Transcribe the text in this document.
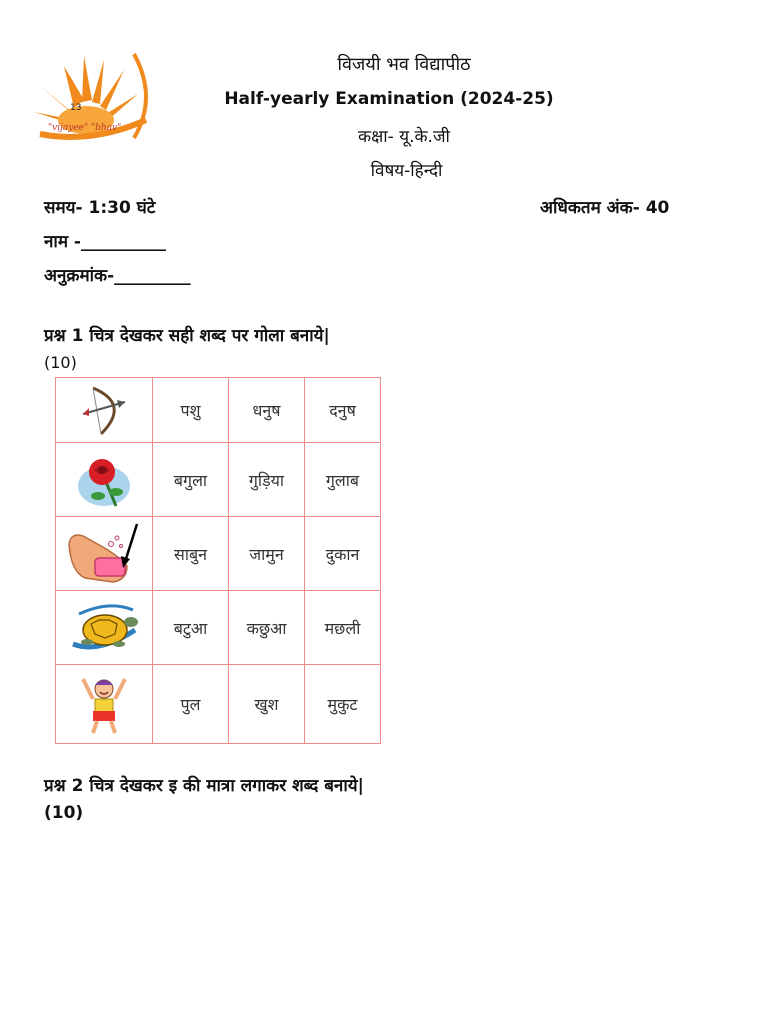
13
"vijayee" "bhav"
विजयी भव विद्यापीठ
Half-yearly Examination (2024-25)
कक्षा- यू.के.जी
विषय-हिन्दी
समय- 1:30 घंटे	अधिकतम अंक- 40
नाम -__________
अनुक्रमांक-_________
प्रश्न 1 चित्र देखकर सही शब्द पर गोला बनाये|
(10)
	पशु	धनुष	दनुष

	बगुला	गुड़िया	गुलाब

	साबुन	जामुन	दुकान

	बटुआ	कछुआ	मछली

	पुल	खुश	मुकुट
प्रश्न 2 चित्र देखकर इ की मात्रा लगाकर शब्द बनाये|
(10)
